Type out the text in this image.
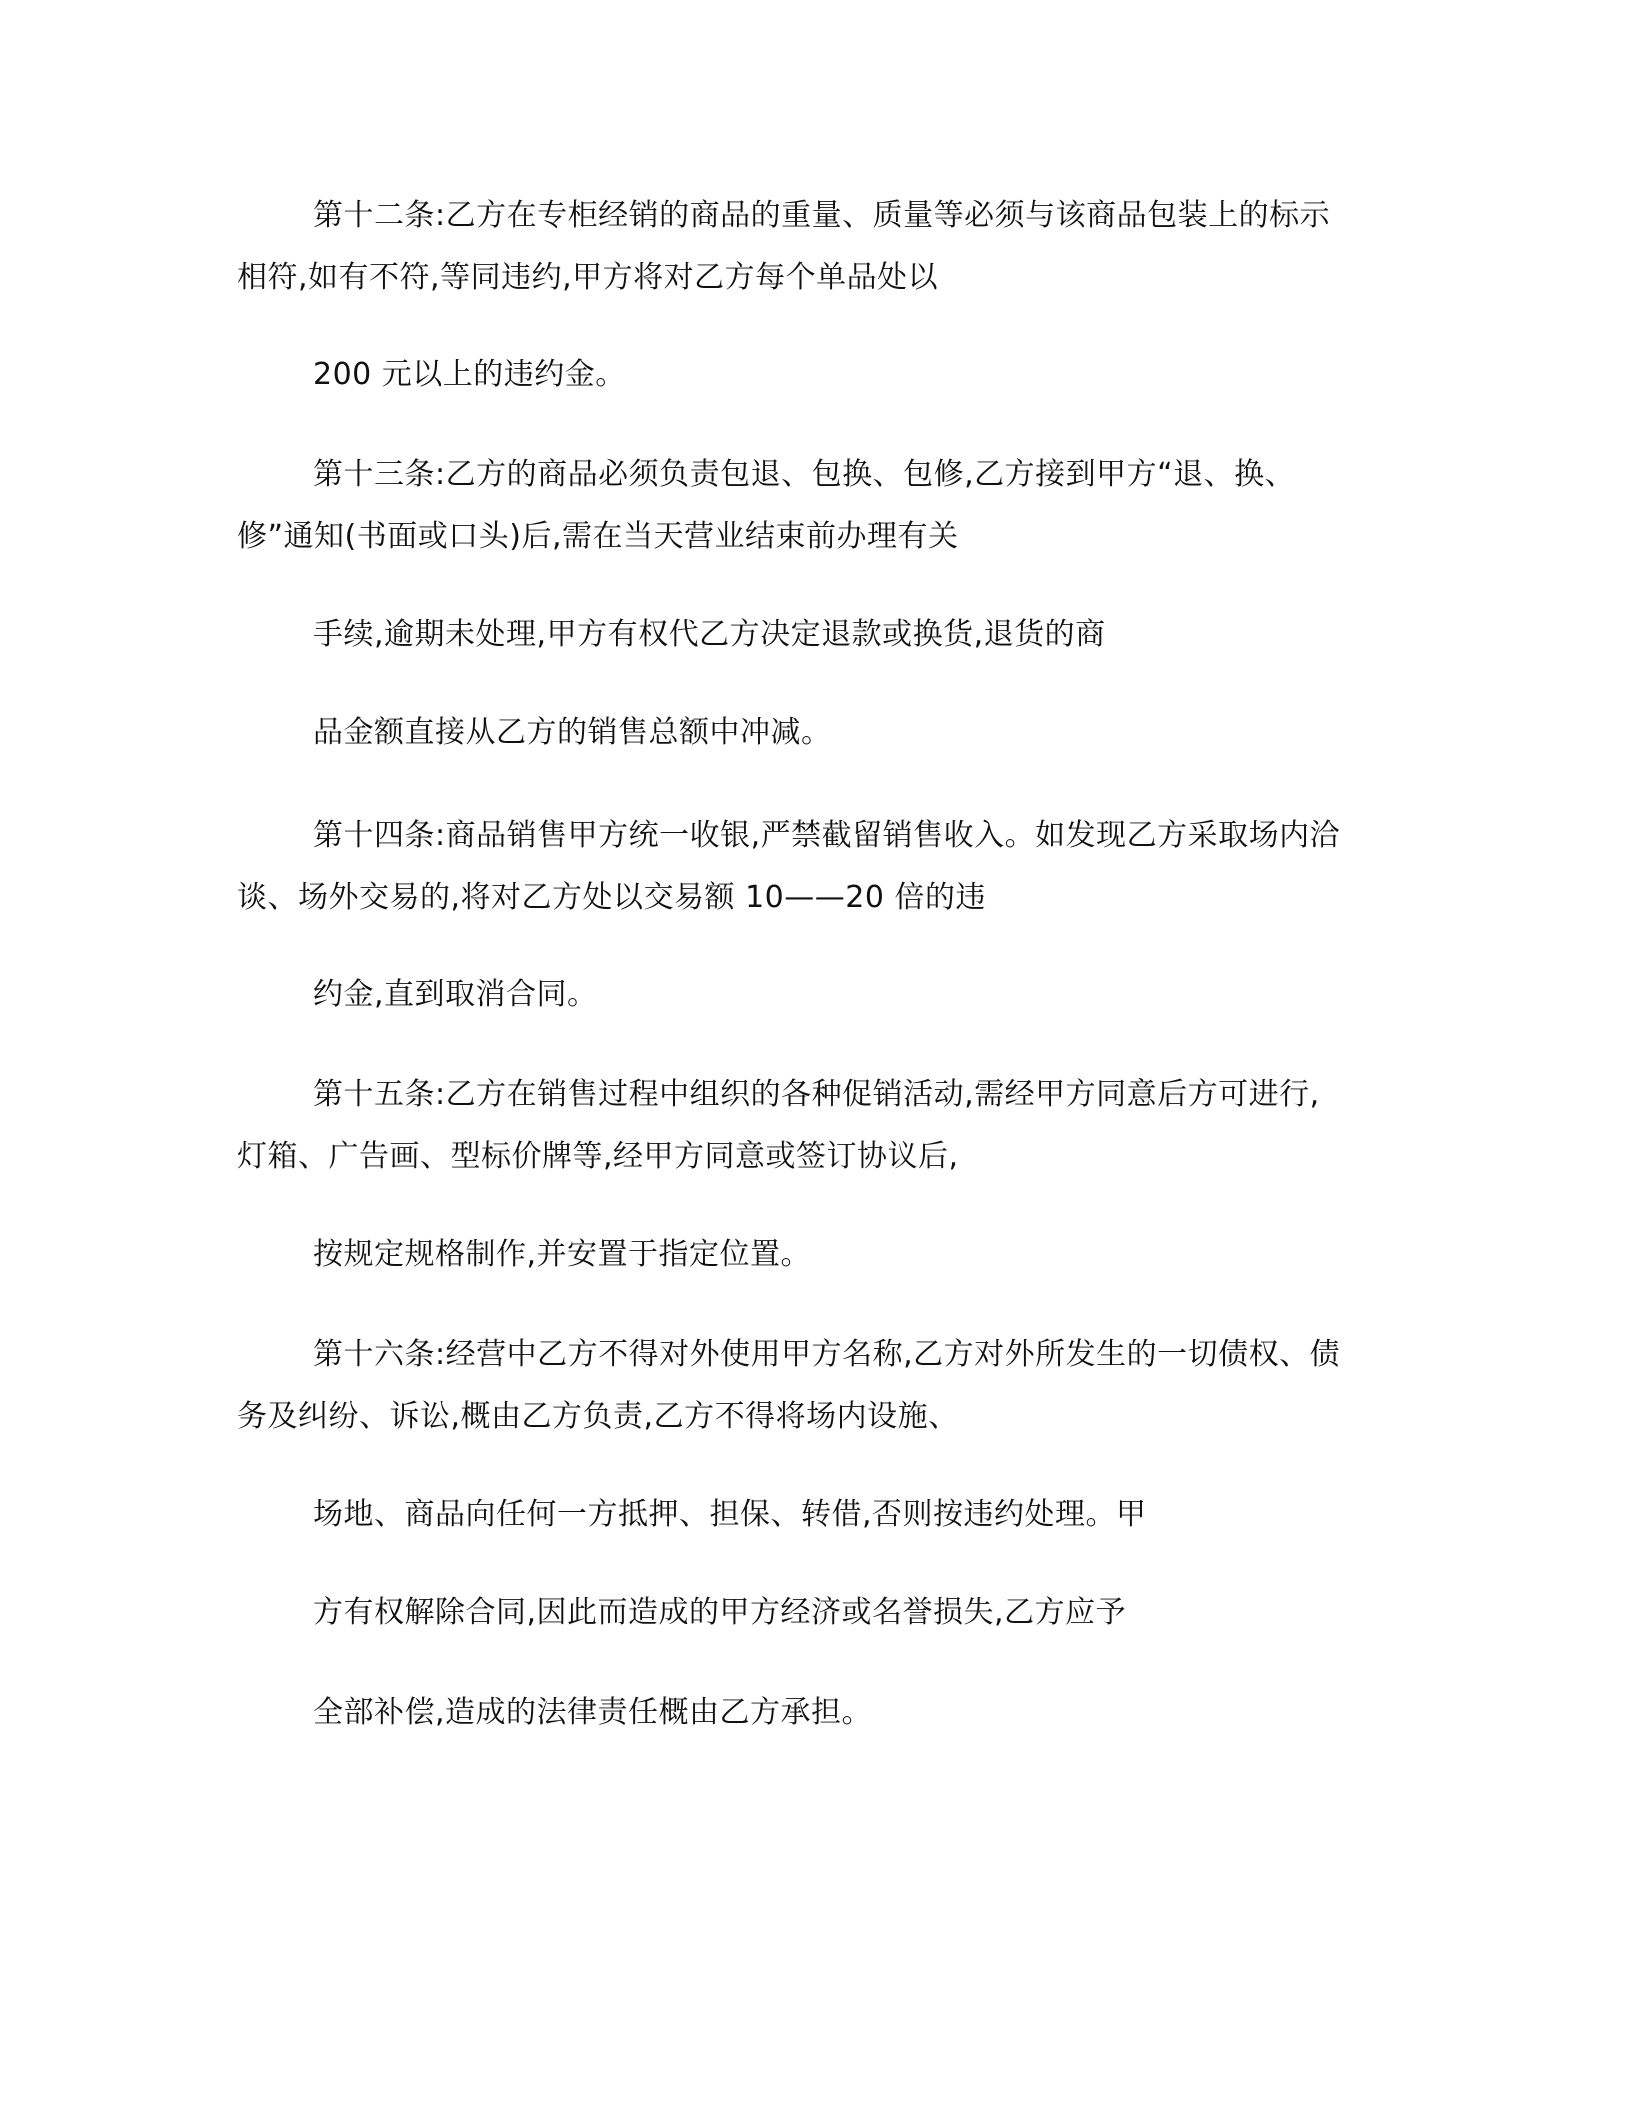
第十二条:乙方在专柜经销的商品的重量、质量等必须与该商品包装上的标示

相符,如有不符,等同违约,甲方将对乙方每个单品处以

200 元以上的违约金。

第十三条:乙方的商品必须负责包退、包换、包修,乙方接到甲方“退、换、

修”通知(书面或口头)后,需在当天营业结束前办理有关

手续,逾期未处理,甲方有权代乙方决定退款或换货,退货的商

品金额直接从乙方的销售总额中冲减。

第十四条:商品销售甲方统一收银,严禁截留销售收入。如发现乙方采取场内洽

谈、场外交易的,将对乙方处以交易额 10——20 倍的违

约金,直到取消合同。

第十五条:乙方在销售过程中组织的各种促销活动,需经甲方同意后方可进行,

灯箱、广告画、型标价牌等,经甲方同意或签订协议后,

按规定规格制作,并安置于指定位置。

第十六条:经营中乙方不得对外使用甲方名称,乙方对外所发生的一切债权、债

务及纠纷、诉讼,概由乙方负责,乙方不得将场内设施、

场地、商品向任何一方抵押、担保、转借,否则按违约处理。甲

方有权解除合同,因此而造成的甲方经济或名誉损失,乙方应予

全部补偿,造成的法律责任概由乙方承担。
